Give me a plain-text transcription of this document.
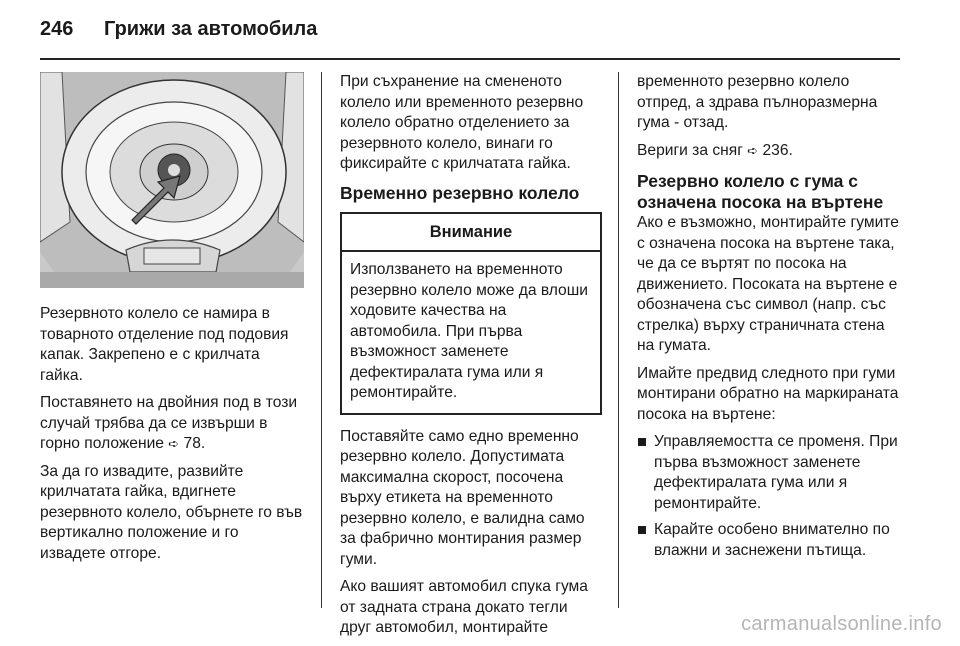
246	Грижи за автомобила

Резервното колело се намира в товарното отделение под подовия капак. Закрепено е с крилчата гайка.

Поставянето на двойния под в този случай трябва да се извърши в горно положение ➪ 78.

За да го извадите, развийте крилчатата гайка, вдигнете резервното колело, обърнете го във вертикално положение и го извадете отгоре.

При съхранение на смененото колело или временното резервно колело обратно отделението за резервното колело, винаги го фиксирайте с крилчатата гайка.

Временно резервно колело
Внимание
Използването на временното резервно колело може да влоши ходовите качества на автомобила. При първа възможност заменете дефектиралата гума или я ремонтирайте.

Поставяйте само едно временно резервно колело. Допустимата максимална скорост, посочена върху етикета на временното резервно колело, е валидна само за фабрично монтирания размер гуми.

Ако вашият автомобил спука гума от задната страна докато тегли друг автомобил, монтирайте

временното резервно колело отпред, а здрава пълноразмерна гума - отзад.

Вериги за сняг ➪ 236.

Резервно колело с гума с означена посока на въртене

Ако е възможно, монтирайте гумите с означена посока на въртене така, че да се въртят по посока на движението. Посоката на въртене е обозначена със символ (напр. със стрелка) върху страничната стена на гумата.

Имайте предвид следното при гуми монтирани обратно на маркираната посока на въртене:

Управляемостта се променя. При първа възможност заменете дефектиралата гума или я ремонтирайте.
Карайте особено внимателно по влажни и заснежени пътища.
carmanualsonline.info
